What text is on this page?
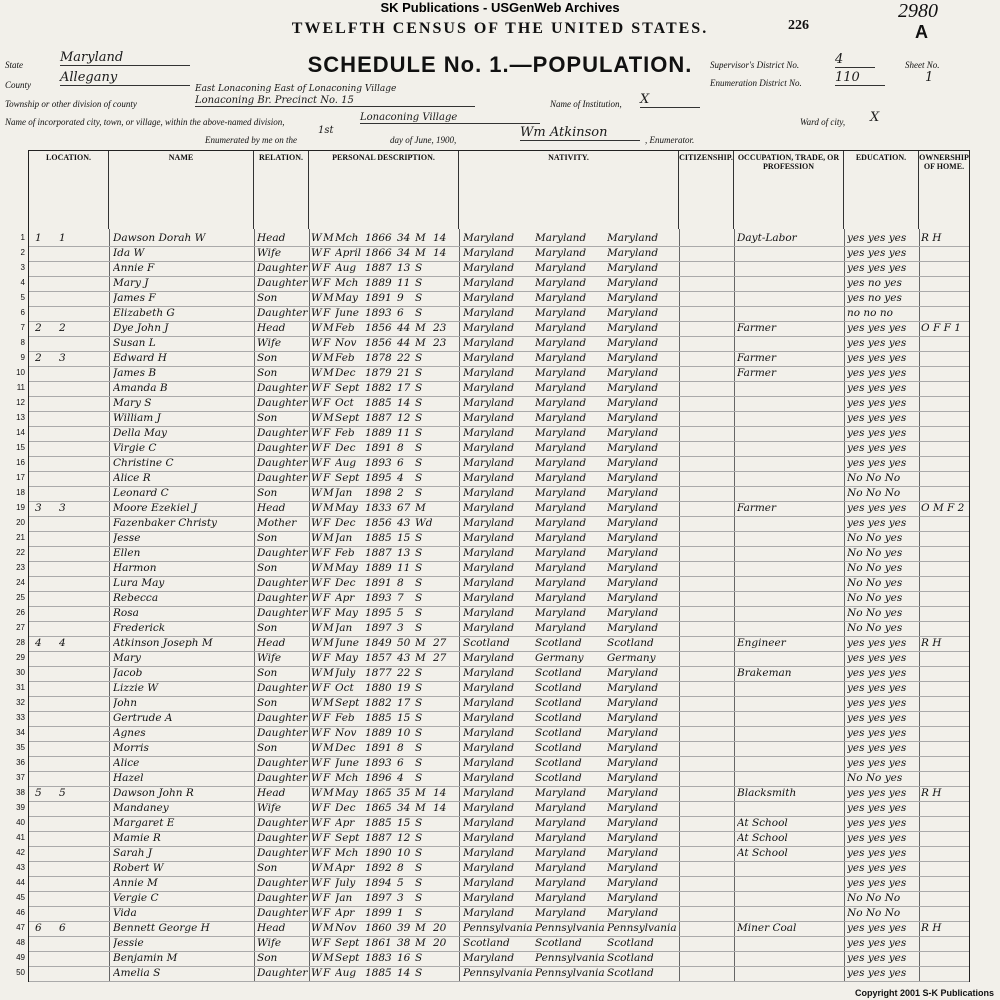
SK Publications - USGenWeb Archives
226
2980
A
TWELFTH CENSUS OF THE UNITED STATES.
SCHEDULE No. 1.—POPULATION.
State	Maryland
County Allegany
Township or other division of county
East Lonaconing East of Lonaconing Village
Lonaconing Br. Precinct No. 15
Name of incorporated city, town, or village, within the above-named division,	Lonaconing Village
Name of Institution, X
Ward of city, X
Supervisor's District No.	4	Sheet No.
1
Enumeration District No.	110
Enumerated by me on the
1st
day of June, 1900,	Wm Atkinson	, Enumerator.
LOCATION.	NAME	RELATION.	PERSONAL DESCRIPTION.	NATIVITY.	CITIZENSHIP. OCCUPATION, TRADE, OR PROFESSION
EDUCATION.	OWNERSHIP OF HOME.
1 1	1	Dawson Dorah W	Head	W M Mch 1866 34 M 14	Maryland	Maryland	Maryland	Dayt-Labor	yes yes yes	R H
2	Ida W	Wife	W F April 1866 34 M 14	Maryland	Maryland	Maryland	yes yes yes
3	Annie F	Daughter W F Aug 1887 13 S	Maryland	Maryland	Maryland	yes yes yes
4	Mary J	Daughter W F Mch 1889 11 S	Maryland	Maryland	Maryland	yes no yes
5	James F	Son	W M May 1891 9	S	Maryland	Maryland	Maryland	yes no yes
6	Elizabeth G	Daughter W F June 1893 6	S	Maryland	Maryland	Maryland	no no no
7 2	2	Dye John J	Head	W M Feb 1856 44 M 23	Maryland	Maryland	Maryland	Farmer	yes yes yes	O F F 1
8	Susan L	Wife	W F Nov 1856 44 M 23	Maryland	Maryland	Maryland	yes yes yes
9 2	3	Edward H	Son	W M Feb 1878 22 S	Maryland	Maryland	Maryland	Farmer	yes yes yes
10	James B	Son	W M Dec 1879 21 S	Maryland	Maryland	Maryland	Farmer	yes yes yes
11	Amanda B	Daughter W F Sept 1882 17 S	Maryland	Maryland	Maryland	yes yes yes
12	Mary S	Daughter W F Oct	1885 14 S	Maryland	Maryland	Maryland	yes yes yes
13	William J	Son	W M Sept 1887 12 S	Maryland	Maryland	Maryland	yes yes yes
14	Della May	Daughter W F Feb 1889 11 S	Maryland	Maryland	Maryland	yes yes yes
15	Virgie C	Daughter W F Dec 1891 8	S	Maryland	Maryland	Maryland	yes yes yes
16	Christine C	Daughter W F Aug 1893 6	S	Maryland	Maryland	Maryland	yes yes yes
17	Alice R	Daughter W F Sept 1895 4	S	Maryland	Maryland	Maryland	No No No
18	Leonard C	Son	W M Jan	1898 2	S	Maryland	Maryland	Maryland	No No No
19 3	3	Moore Ezekiel J	Head	W M May 1833 67 M	Maryland	Maryland	Maryland	Farmer	yes yes yes	O M F 2
20	Fazenbaker Christy	Mother	W F Dec 1856 43 Wd	Maryland	Maryland	Maryland	yes yes yes
21	Jesse	Son	W M Jan	1885 15 S	Maryland	Maryland	Maryland	No No yes
22	Ellen	Daughter W F Feb 1887 13 S	Maryland	Maryland	Maryland	No No yes
23	Harmon	Son	W M May 1889 11 S	Maryland	Maryland	Maryland	No No yes
24	Lura May	Daughter W F Dec 1891 8	S	Maryland	Maryland	Maryland	No No yes
25	Rebecca	Daughter W F Apr	1893 7	S	Maryland	Maryland	Maryland	No No yes
26	Rosa	Daughter W F May 1895 5	S	Maryland	Maryland	Maryland	No No yes
27	Frederick	Son	W M Jan	1897 3	S	Maryland	Maryland	Maryland	No No yes
28 4	4	Atkinson Joseph M	Head	W M June 1849 50 M 27	Scotland	Scotland	Scotland	Engineer	yes yes yes	R H
29	Mary	Wife	W F May 1857 43 M 27	Maryland	Germany	Germany	yes yes yes
30	Jacob	Son	W M July 1877 22 S	Maryland	Scotland	Maryland	Brakeman	yes yes yes
31	Lizzie W	Daughter W F Oct	1880 19 S	Maryland	Scotland	Maryland	yes yes yes
32	John	Son	W M Sept 1882 17 S	Maryland	Scotland	Maryland	yes yes yes
33	Gertrude A	Daughter W F Feb 1885 15 S	Maryland	Scotland	Maryland	yes yes yes
34	Agnes	Daughter W F Nov 1889 10 S	Maryland	Scotland	Maryland	yes yes yes
35	Morris	Son	W M Dec 1891 8	S	Maryland	Scotland	Maryland	yes yes yes
36	Alice	Daughter W F June 1893 6	S	Maryland	Scotland	Maryland	yes yes yes
37	Hazel	Daughter W F Mch 1896 4	S	Maryland	Scotland	Maryland	No No yes
38 5	5	Dawson John R	Head	W M May 1865 35 M 14	Maryland	Maryland	Maryland	Blacksmith	yes yes yes	R H
39	Mandaney	Wife	W F Dec 1865 34 M 14	Maryland	Maryland	Maryland	yes yes yes
40	Margaret E	Daughter W F Apr	1885 15 S	Maryland	Maryland	Maryland	At School	yes yes yes
41	Mamie R	Daughter W F Sept 1887 12 S	Maryland	Maryland	Maryland	At School	yes yes yes
42	Sarah J	Daughter W F Mch 1890 10 S	Maryland	Maryland	Maryland	At School	yes yes yes
43	Robert W	Son	W M Apr	1892 8	S	Maryland	Maryland	Maryland	yes yes yes
44	Annie M	Daughter W F July 1894 5	S	Maryland	Maryland	Maryland	yes yes yes
45	Vergie C	Daughter W F Jan	1897 3	S	Maryland	Maryland	Maryland	No No No
46	Vida	Daughter W F Apr	1899 1	S	Maryland	Maryland	Maryland	No No No
47 6	6	Bennett George H	Head	W M Nov 1860 39 M 20	Pennsylvania Pennsylvania Pennsylvania	Miner Coal	yes yes yes	R H
48	Jessie	Wife	W F Sept 1861 38 M 20	Scotland	Scotland	Scotland	yes yes yes
49	Benjamin M	Son	W M Sept 1883 16 S	Maryland	Pennsylvania Scotland	yes yes yes
50	Amelia S	Daughter W F Aug 1885 14 S	Pennsylvania Pennsylvania Scotland	yes yes yes
Copyright 2001 S-K Publications
